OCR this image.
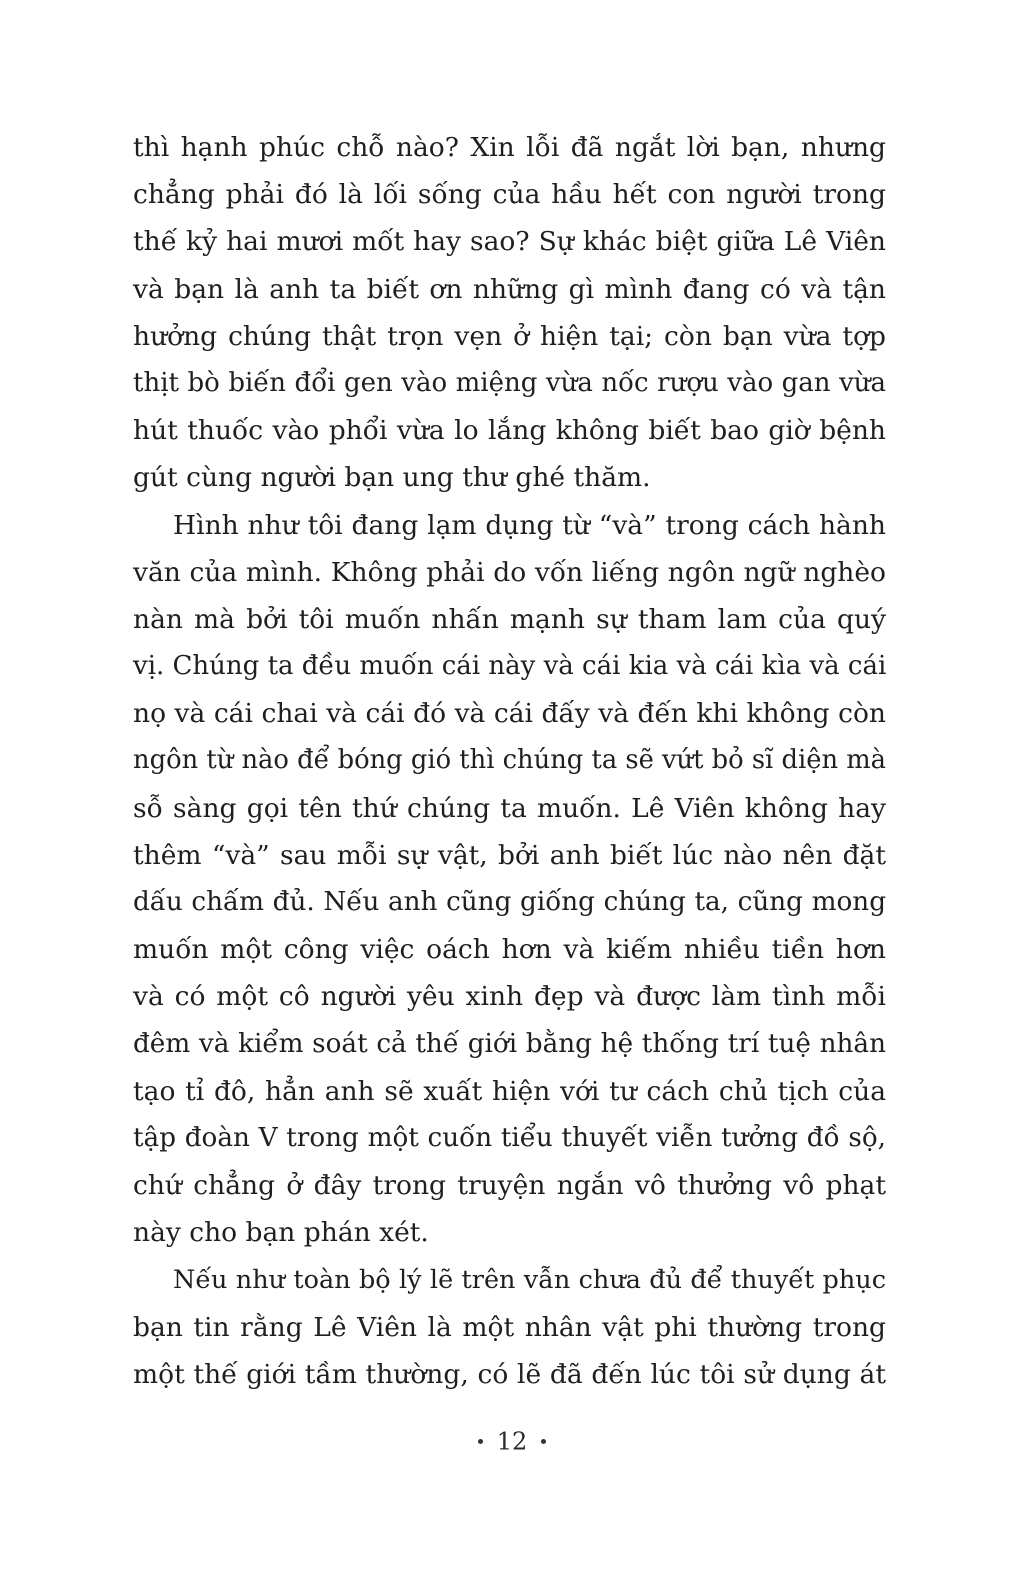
thì hạnh phúc chỗ nào? Xin lỗi đã ngắt lời bạn, nhưng
chẳng phải đó là lối sống của hầu hết con người trong
thế kỷ hai mươi mốt hay sao? Sự khác biệt giữa Lê Viên
và bạn là anh ta biết ơn những gì mình đang có và tận
hưởng chúng thật trọn vẹn ở hiện tại; còn bạn vừa tợp
thịt bò biến đổi gen vào miệng vừa nốc rượu vào gan vừa
hút thuốc vào phổi vừa lo lắng không biết bao giờ bệnh
gút cùng người bạn ung thư ghé thăm.
Hình như tôi đang lạm dụng từ “và” trong cách hành
văn của mình. Không phải do vốn liếng ngôn ngữ nghèo
nàn mà bởi tôi muốn nhấn mạnh sự tham lam của quý
vị. Chúng ta đều muốn cái này và cái kia và cái kìa và cái
nọ và cái chai và cái đó và cái đấy và đến khi không còn
ngôn từ nào để bóng gió thì chúng ta sẽ vứt bỏ sĩ diện mà
sỗ sàng gọi tên thứ chúng ta muốn. Lê Viên không hay
thêm “và” sau mỗi sự vật, bởi anh biết lúc nào nên đặt
dấu chấm đủ. Nếu anh cũng giống chúng ta, cũng mong
muốn một công việc oách hơn và kiếm nhiều tiền hơn
và có một cô người yêu xinh đẹp và được làm tình mỗi
đêm và kiểm soát cả thế giới bằng hệ thống trí tuệ nhân
tạo tỉ đô, hẳn anh sẽ xuất hiện với tư cách chủ tịch của
tập đoàn V trong một cuốn tiểu thuyết viễn tưởng đồ sộ,
chứ chẳng ở đây trong truyện ngắn vô thưởng vô phạt
này cho bạn phán xét.
Nếu như toàn bộ lý lẽ trên vẫn chưa đủ để thuyết phục
bạn tin rằng Lê Viên là một nhân vật phi thường trong
một thế giới tầm thường, có lẽ đã đến lúc tôi sử dụng át
12
